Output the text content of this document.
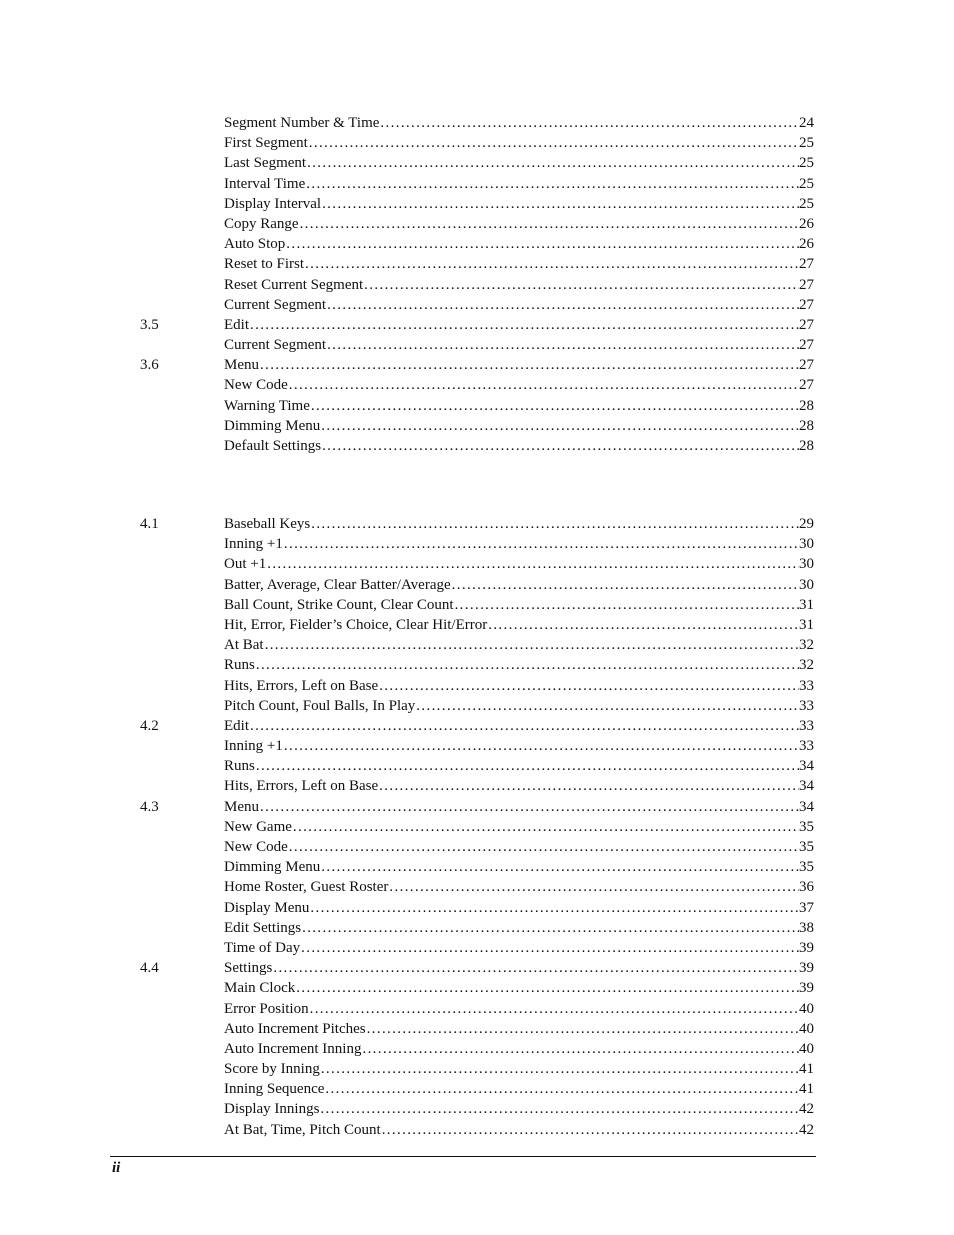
Segment Number & Time . . .	24
First Segment . . .	25
Last Segment . . .	25
Interval Time . . .	25
Display Interval . . .	25
Copy Range . . .	26
Auto Stop . . .	26
Reset to First . . .	27
Reset Current Segment . . .	27
Current Segment . . .	27
3.5	Edit . . .	27
Current Segment . . .	27
3.6	Menu . . .	27
New Code . . .	27
Warning Time . . .	28
Dimming Menu . . .	28
Default Settings . . .	28
4.1	Baseball Keys . . .	29
Inning +1 . . .	30
Out +1 . . .	30
Batter, Average, Clear Batter/Average . . .	30
Ball Count, Strike Count, Clear Count . . .	31
Hit, Error, Fielder’s Choice, Clear Hit/Error . . .	31
At Bat . . .	32
Runs . . .	32
Hits, Errors, Left on Base . . .	33
Pitch Count, Foul Balls, In Play . . .	33
4.2	Edit . . .	33
Inning +1 . . .	33
Runs . . .	34
Hits, Errors, Left on Base . . .	34
4.3	Menu . . .	34
New Game . . .	35
New Code . . .	35
Dimming Menu . . .	35
Home Roster, Guest Roster . . .	36
Display Menu . . .	37
Edit Settings . . .	38
Time of Day . . .	39
4.4	Settings . . .	39
Main Clock . . .	39
Error Position . . .	40
Auto Increment Pitches . . .	40
Auto Increment Inning . . .	40
Score by Inning . . .	41
Inning Sequence . . .	41
Display Innings . . .	42
At Bat, Time, Pitch Count . . .	42
ii
